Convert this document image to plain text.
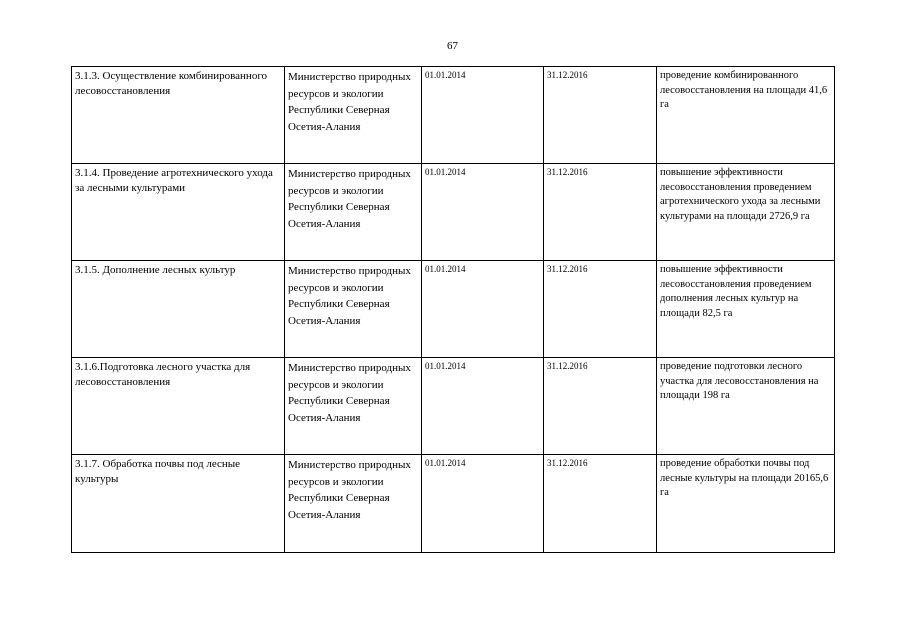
67
3.1.3. Осуществление комбинированного лесовосстановления	Министерство природных ресурсов и экологии Республики Северная Осетия-Алания	01.01.2014	31.12.2016	проведение комбинированного лесовосстановления на площади 41,6 га
3.1.4. Проведение агротехнического ухода за лесными культурами	Министерство природных ресурсов и экологии Республики Северная Осетия-Алания	01.01.2014	31.12.2016	повышение эффективности лесовосстановления проведением агротехнического ухода за лесными культурами на площади 2726,9 га
3.1.5. Дополнение лесных культур	Министерство природных ресурсов и экологии Республики Северная Осетия-Алания	01.01.2014	31.12.2016	повышение эффективности лесовосстановления проведением дополнения лесных культур на площади 82,5 га
3.1.6.Подготовка лесного участка для лесовосстановления	Министерство природных ресурсов и экологии Республики Северная Осетия-Алания	01.01.2014	31.12.2016	проведение подготовки лесного участка для лесовосстановления на площади 198 га
3.1.7. Обработка почвы под лесные культуры	Министерство природных ресурсов и экологии Республики Северная Осетия-Алания	01.01.2014	31.12.2016	проведение обработки почвы под лесные культуры на площади 20165,6 га
